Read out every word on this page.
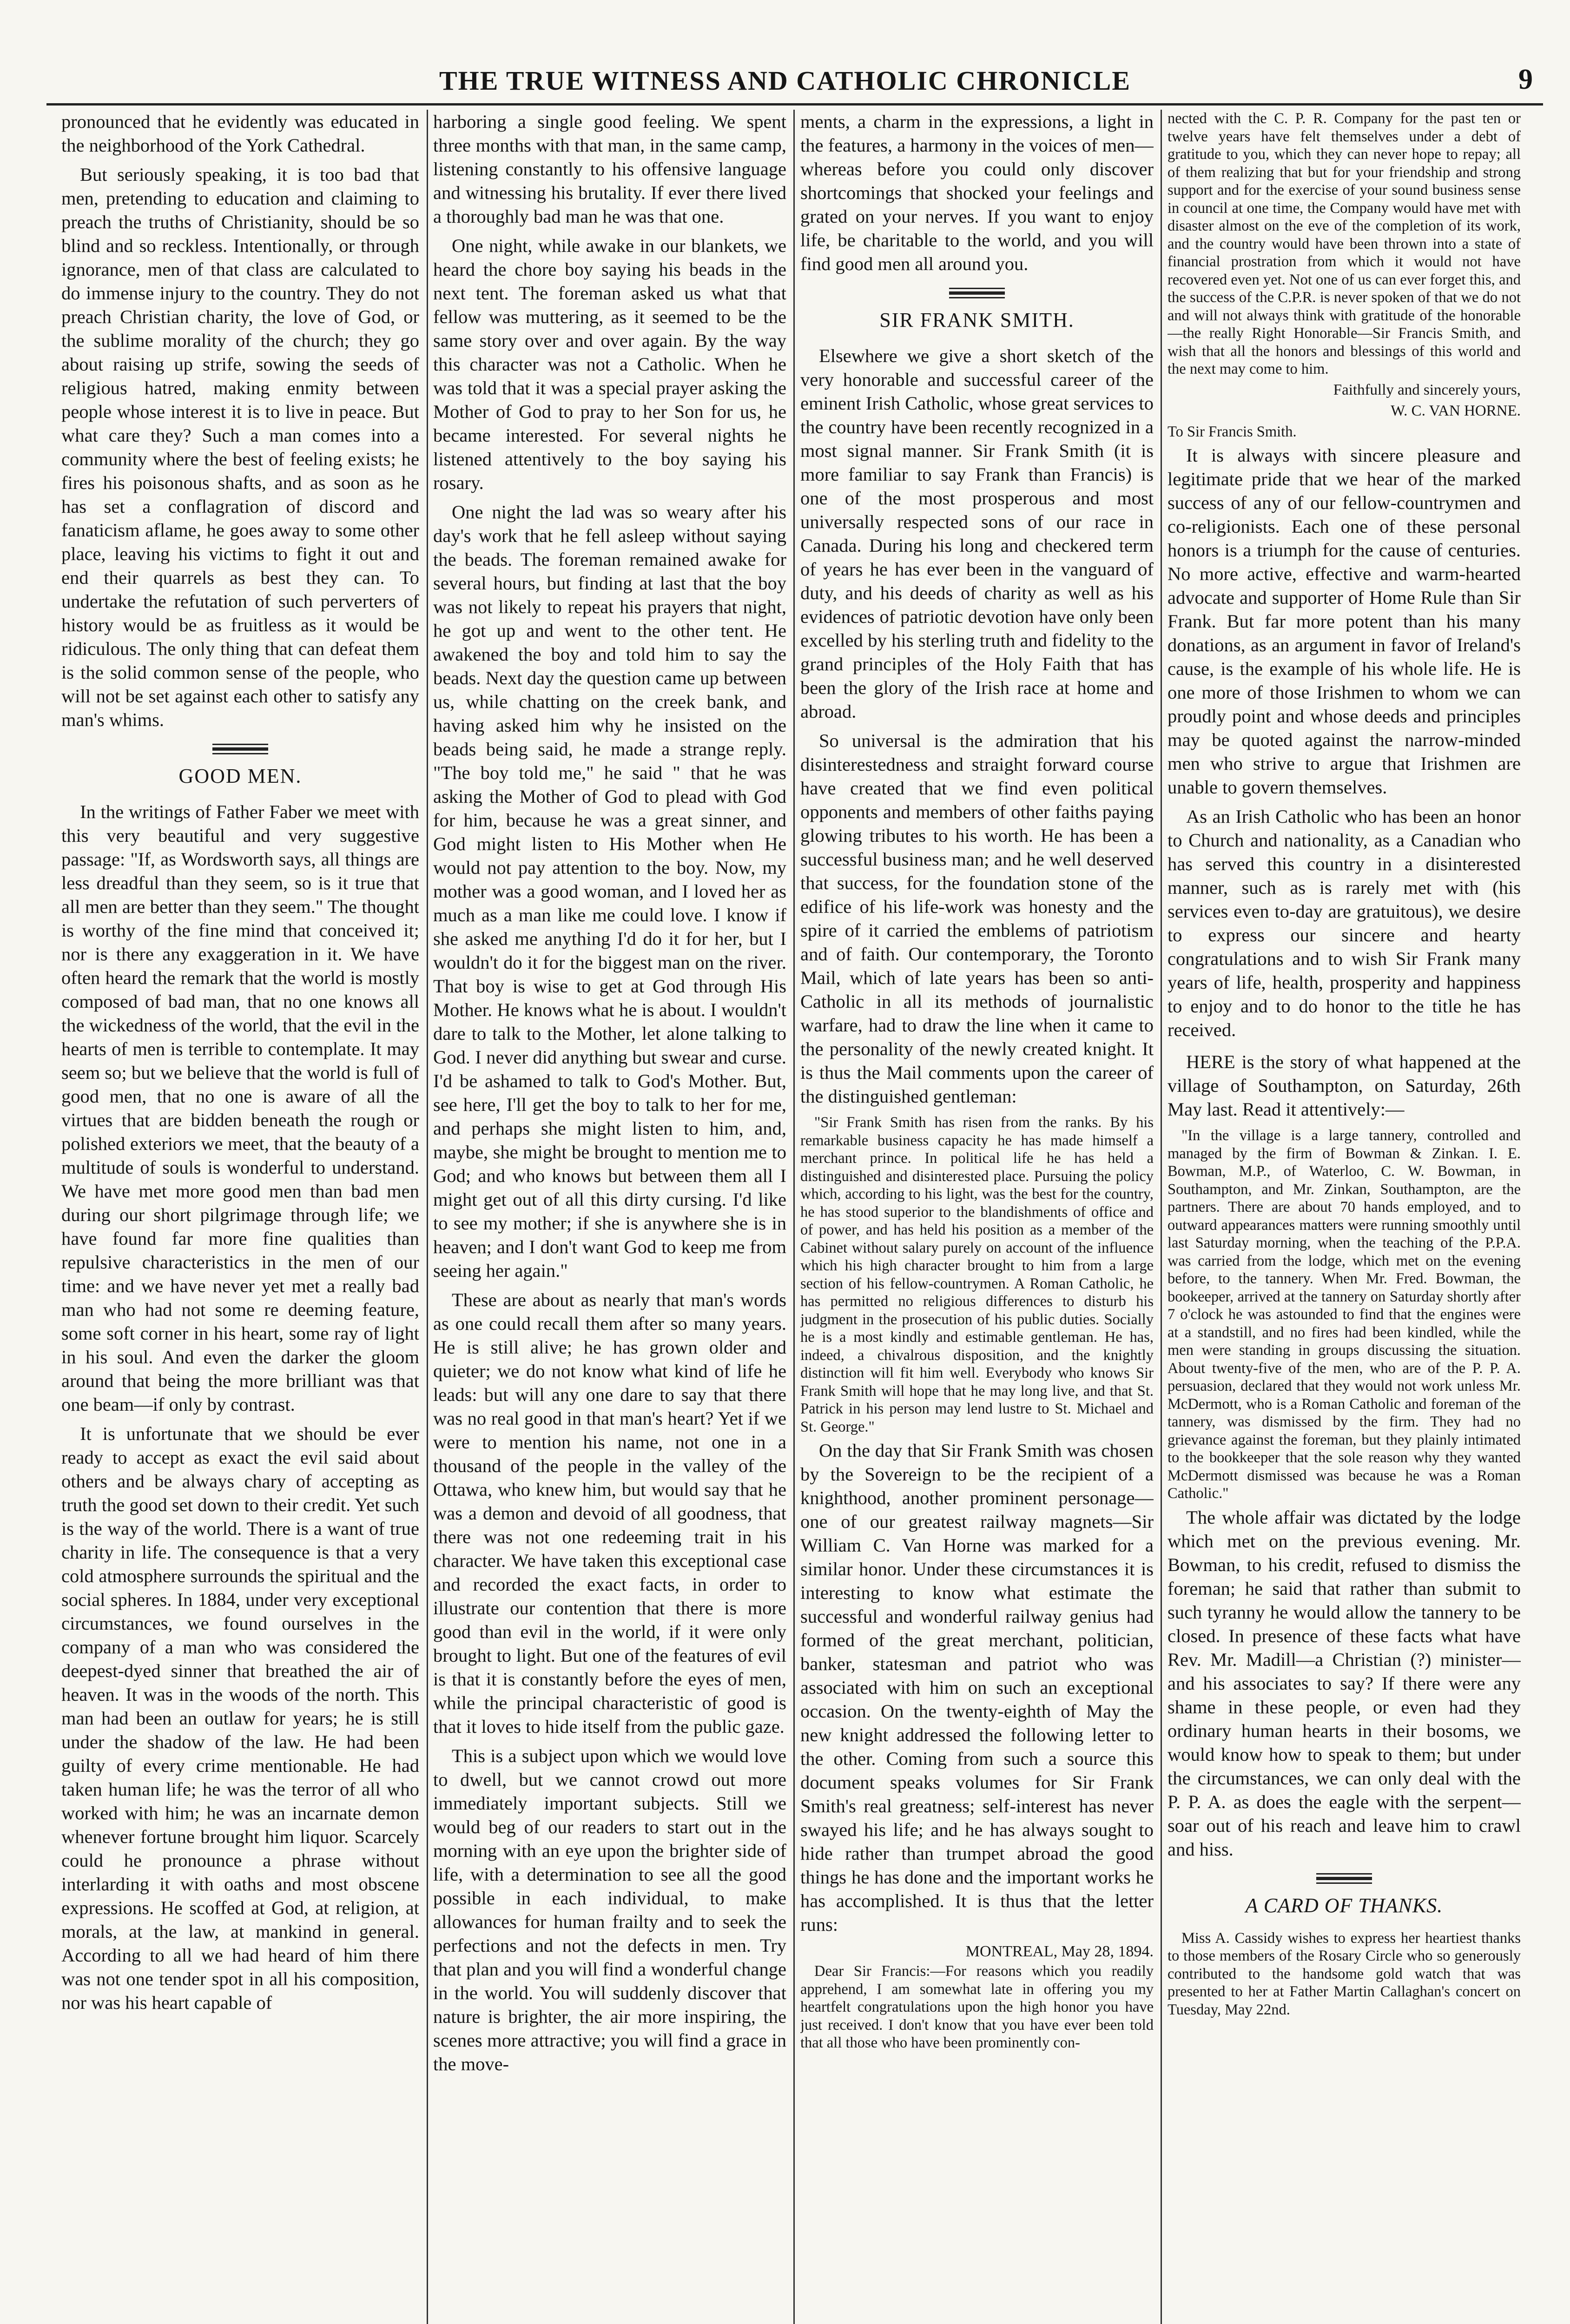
THE TRUE WITNESS AND CATHOLIC CHRONICLE	9

pronounced that he evidently was educated in the neighborhood of the York Cathedral.

But seriously speaking, it is too bad that men, pretending to education and claiming to preach the truths of Christianity, should be so blind and so reckless. Intentionally, or through ignorance, men of that class are calculated to do immense injury to the country. They do not preach Christian charity, the love of God, or the sublime morality of the church; they go about raising up strife, sowing the seeds of religious hatred, making enmity between people whose interest it is to live in peace. But what care they? Such a man comes into a community where the best of feeling exists; he fires his poisonous shafts, and as soon as he has set a conflagration of discord and fanaticism aflame, he goes away to some other place, leaving his victims to fight it out and end their quarrels as best they can. To undertake the refutation of such perverters of history would be as fruitless as it would be ridiculous. The only thing that can defeat them is the solid common sense of the people, who will not be set against each other to satisfy any man's whims.

GOOD MEN.

In the writings of Father Faber we meet with this very beautiful and very suggestive passage: "If, as Wordsworth says, all things are less dreadful than they seem, so is it true that all men are better than they seem." The thought is worthy of the fine mind that conceived it; nor is there any exaggeration in it. We have often heard the remark that the world is mostly composed of bad man, that no one knows all the wickedness of the world, that the evil in the hearts of men is terrible to contemplate. It may seem so; but we believe that the world is full of good men, that no one is aware of all the virtues that are bidden beneath the rough or polished exteriors we meet, that the beauty of a multitude of souls is wonderful to understand. We have met more good men than bad men during our short pilgrimage through life; we have found far more fine qualities than repulsive characteristics in the men of our time: and we have never yet met a really bad man who had not some re deeming feature, some soft corner in his heart, some ray of light in his soul. And even the darker the gloom around that being the more brilliant was that one beam—if only by contrast.

It is unfortunate that we should be ever ready to accept as exact the evil said about others and be always chary of accepting as truth the good set down to their credit. Yet such is the way of the world. There is a want of true charity in life. The consequence is that a very cold atmosphere surrounds the spiritual and the social spheres. In 1884, under very exceptional circumstances, we found ourselves in the company of a man who was considered the deepest-dyed sinner that breathed the air of heaven. It was in the woods of the north. This man had been an outlaw for years; he is still under the shadow of the law. He had been guilty of every crime mentionable. He had taken human life; he was the terror of all who worked with him; he was an incarnate demon whenever fortune brought him liquor. Scarcely could he pronounce a phrase without interlarding it with oaths and most obscene expressions. He scoffed at God, at religion, at morals, at the law, at mankind in general. According to all we had heard of him there was not one tender spot in all his composition, nor was his heart capable of

harboring a single good feeling. We spent three months with that man, in the same camp, listening constantly to his offensive language and witnessing his brutality. If ever there lived a thoroughly bad man he was that one.

One night, while awake in our blankets, we heard the chore boy saying his beads in the next tent. The foreman asked us what that fellow was muttering, as it seemed to be the same story over and over again. By the way this character was not a Catholic. When he was told that it was a special prayer asking the Mother of God to pray to her Son for us, he became interested. For several nights he listened attentively to the boy saying his rosary.

One night the lad was so weary after his day's work that he fell asleep without saying the beads. The foreman remained awake for several hours, but finding at last that the boy was not likely to repeat his prayers that night, he got up and went to the other tent. He awakened the boy and told him to say the beads. Next day the question came up between us, while chatting on the creek bank, and having asked him why he insisted on the beads being said, he made a strange reply. "The boy told me," he said " that he was asking the Mother of God to plead with God for him, because he was a great sinner, and God might listen to His Mother when He would not pay attention to the boy. Now, my mother was a good woman, and I loved her as much as a man like me could love. I know if she asked me anything I'd do it for her, but I wouldn't do it for the biggest man on the river. That boy is wise to get at God through His Mother. He knows what he is about. I wouldn't dare to talk to the Mother, let alone talking to God. I never did anything but swear and curse. I'd be ashamed to talk to God's Mother. But, see here, I'll get the boy to talk to her for me, and perhaps she might listen to him, and, maybe, she might be brought to mention me to God; and who knows but between them all I might get out of all this dirty cursing. I'd like to see my mother; if she is anywhere she is in heaven; and I don't want God to keep me from seeing her again."

These are about as nearly that man's words as one could recall them after so many years. He is still alive; he has grown older and quieter; we do not know what kind of life he leads: but will any one dare to say that there was no real good in that man's heart? Yet if we were to mention his name, not one in a thousand of the people in the valley of the Ottawa, who knew him, but would say that he was a demon and devoid of all goodness, that there was not one redeeming trait in his character. We have taken this exceptional case and recorded the exact facts, in order to illustrate our contention that there is more good than evil in the world, if it were only brought to light. But one of the features of evil is that it is constantly before the eyes of men, while the principal characteristic of good is that it loves to hide itself from the public gaze.

This is a subject upon which we would love to dwell, but we cannot crowd out more immediately important subjects. Still we would beg of our readers to start out in the morning with an eye upon the brighter side of life, with a determination to see all the good possible in each individual, to make allowances for human frailty and to seek the perfections and not the defects in men. Try that plan and you will find a wonderful change in the world. You will suddenly discover that nature is brighter, the air more inspiring, the scenes more attractive; you will find a grace in the move-

ments, a charm in the expressions, a light in the features, a harmony in the voices of men—whereas before you could only discover shortcomings that shocked your feelings and grated on your nerves. If you want to enjoy life, be charitable to the world, and you will find good men all around you.

SIR FRANK SMITH.

Elsewhere we give a short sketch of the very honorable and successful career of the eminent Irish Catholic, whose great services to the country have been recently recognized in a most signal manner. Sir Frank Smith (it is more familiar to say Frank than Francis) is one of the most prosperous and most universally respected sons of our race in Canada. During his long and checkered term of years he has ever been in the vanguard of duty, and his deeds of charity as well as his evidences of patriotic devotion have only been excelled by his sterling truth and fidelity to the grand principles of the Holy Faith that has been the glory of the Irish race at home and abroad.

So universal is the admiration that his disinterestedness and straight forward course have created that we find even political opponents and members of other faiths paying glowing tributes to his worth. He has been a successful business man; and he well deserved that success, for the foundation stone of the edifice of his life-work was honesty and the spire of it carried the emblems of patriotism and of faith. Our contemporary, the Toronto Mail, which of late years has been so anti-Catholic in all its methods of journalistic warfare, had to draw the line when it came to the personality of the newly created knight. It is thus the Mail comments upon the career of the distinguished gentleman:

"Sir Frank Smith has risen from the ranks. By his remarkable business capacity he has made himself a merchant prince. In political life he has held a distinguished and disinterested place. Pursuing the policy which, according to his light, was the best for the country, he has stood superior to the blandishments of office and of power, and has held his position as a member of the Cabinet without salary purely on account of the influence which his high character brought to him from a large section of his fellow-countrymen. A Roman Catholic, he has permitted no religious differences to disturb his judgment in the prosecution of his public duties. Socially he is a most kindly and estimable gentleman. He has, indeed, a chivalrous disposition, and the knightly distinction will fit him well. Everybody who knows Sir Frank Smith will hope that he may long live, and that St. Patrick in his person may lend lustre to St. Michael and St. George."

On the day that Sir Frank Smith was chosen by the Sovereign to be the recipient of a knighthood, another prominent personage—one of our greatest railway magnets—Sir William C. Van Horne was marked for a similar honor. Under these circumstances it is interesting to know what estimate the successful and wonderful railway genius had formed of the great merchant, politician, banker, statesman and patriot who was associated with him on such an exceptional occasion. On the twenty-eighth of May the new knight addressed the following letter to the other. Coming from such a source this document speaks volumes for Sir Frank Smith's real greatness; self-interest has never swayed his life; and he has always sought to hide rather than trumpet abroad the good things he has done and the important works he has accomplished. It is thus that the letter runs:

MONTREAL, May 28, 1894.

Dear Sir Francis:—For reasons which you readily apprehend, I am somewhat late in offering you my heartfelt congratulations upon the high honor you have just received. I don't know that you have ever been told that all those who have been prominently con-

nected with the C. P. R. Company for the past ten or twelve years have felt themselves under a debt of gratitude to you, which they can never hope to repay; all of them realizing that but for your friendship and strong support and for the exercise of your sound business sense in council at one time, the Company would have met with disaster almost on the eve of the completion of its work, and the country would have been thrown into a state of financial prostration from which it would not have recovered even yet. Not one of us can ever forget this, and the success of the C.P.R. is never spoken of that we do not and will not always think with gratitude of the honorable—the really Right Honorable—Sir Francis Smith, and wish that all the honors and blessings of this world and the next may come to him.

Faithfully and sincerely yours,

W. C. VAN HORNE.

To Sir Francis Smith.

It is always with sincere pleasure and legitimate pride that we hear of the marked success of any of our fellow-countrymen and co-religionists. Each one of these personal honors is a triumph for the cause of centuries. No more active, effective and warm-hearted advocate and supporter of Home Rule than Sir Frank. But far more potent than his many donations, as an argument in favor of Ireland's cause, is the example of his whole life. He is one more of those Irishmen to whom we can proudly point and whose deeds and principles may be quoted against the narrow-minded men who strive to argue that Irishmen are unable to govern themselves.

As an Irish Catholic who has been an honor to Church and nationality, as a Canadian who has served this country in a disinterested manner, such as is rarely met with (his services even to-day are gratuitous), we desire to express our sincere and hearty congratulations and to wish Sir Frank many years of life, health, prosperity and happiness to enjoy and to do honor to the title he has received.

HERE is the story of what happened at the village of Southampton, on Saturday, 26th May last. Read it attentively:—

"In the village is a large tannery, controlled and managed by the firm of Bowman & Zinkan. I. E. Bowman, M.P., of Waterloo, C. W. Bowman, in Southampton, and Mr. Zinkan, Southampton, are the partners. There are about 70 hands employed, and to outward appearances matters were running smoothly until last Saturday morning, when the teaching of the P.P.A. was carried from the lodge, which met on the evening before, to the tannery. When Mr. Fred. Bowman, the bookeeper, arrived at the tannery on Saturday shortly after 7 o'clock he was astounded to find that the engines were at a standstill, and no fires had been kindled, while the men were standing in groups discussing the situation. About twenty-five of the men, who are of the P. P. A. persuasion, declared that they would not work unless Mr. McDermott, who is a Roman Catholic and foreman of the tannery, was dismissed by the firm. They had no grievance against the foreman, but they plainly intimated to the bookkeeper that the sole reason why they wanted McDermott dismissed was because he was a Roman Catholic."

The whole affair was dictated by the lodge which met on the previous evening. Mr. Bowman, to his credit, refused to dismiss the foreman; he said that rather than submit to such tyranny he would allow the tannery to be closed. In presence of these facts what have Rev. Mr. Madill—a Christian (?) minister—and his associates to say? If there were any shame in these people, or even had they ordinary human hearts in their bosoms, we would know how to speak to them; but under the circumstances, we can only deal with the P. P. A. as does the eagle with the serpent—soar out of his reach and leave him to crawl and hiss.

A CARD OF THANKS.

Miss A. Cassidy wishes to express her heartiest thanks to those members of the Rosary Circle who so generously contributed to the handsome gold watch that was presented to her at Father Martin Callaghan's concert on Tuesday, May 22nd.
